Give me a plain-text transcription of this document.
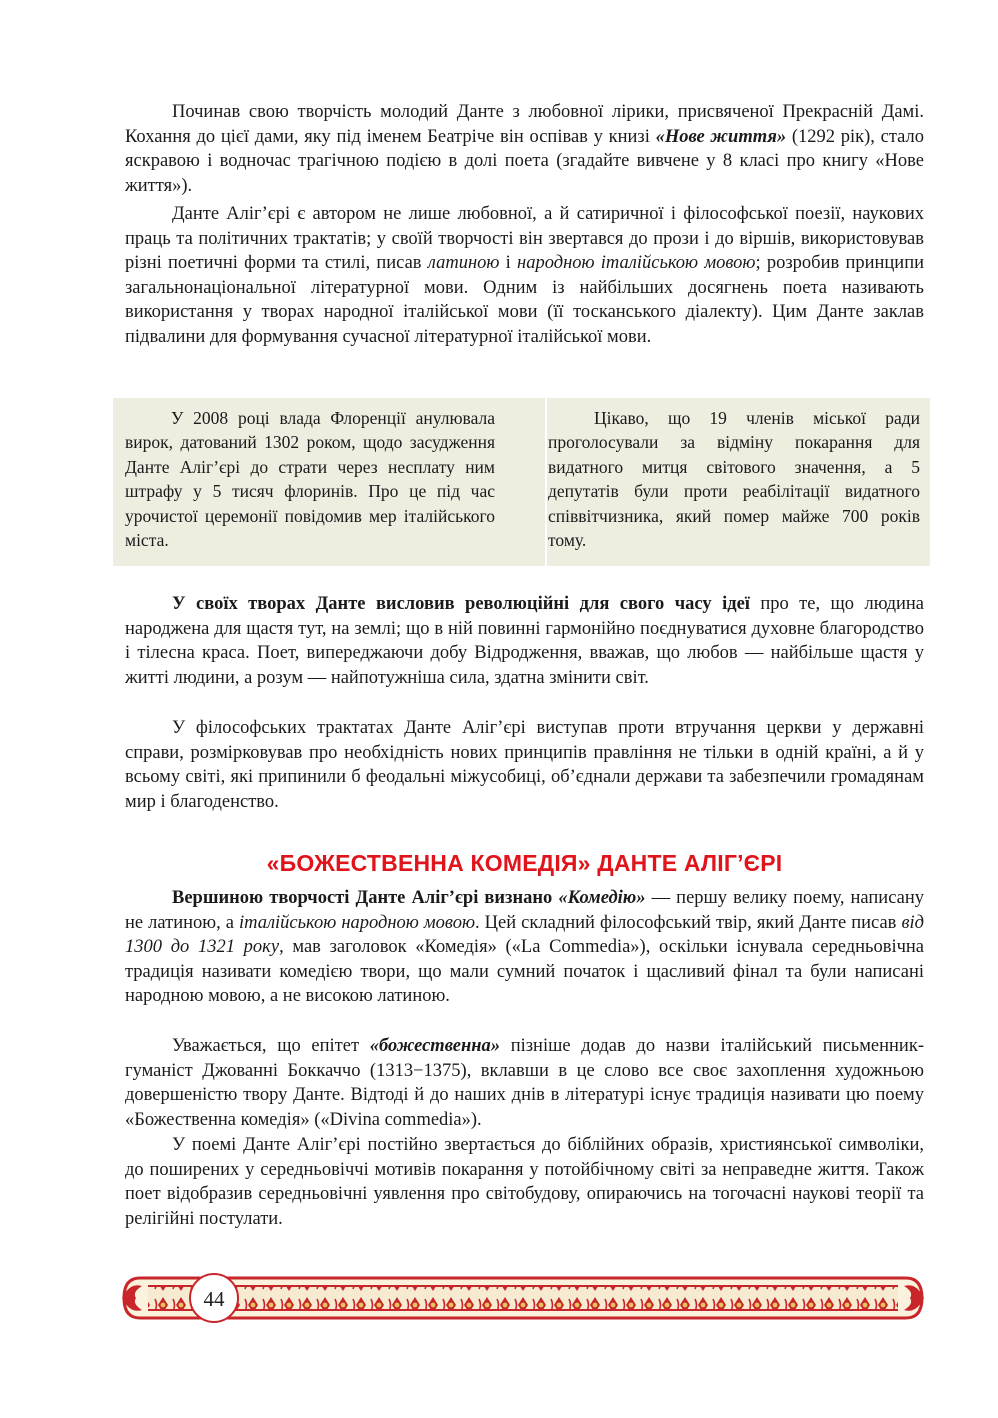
Починав свою творчість молодий Данте з любовної лірики, присвяченої Прекрасній Дамі. Кохання до цієї дами, яку під іменем Беатріче він оспівав у книзі «Нове життя» (1292 рік), стало яскравою і водночас трагічною подією в долі поета (згадайте вивчене у 8 класі про книгу «Нове життя»).

Данте Аліг’єрі є автором не лише любовної, а й сатиричної і філософської поезії, наукових праць та політичних трактатів; у своїй творчості він звертався до прози і до віршів, використовував різні поетичні форми та стилі, писав латиною і народною італійською мовою; розробив принципи загальнонаціональної літературної мови. Одним із найбільших досягнень поета називають використання у творах народної італійської мови (її тосканського діалекту). Цим Данте заклав підвалини для формування сучасної літературної італійської мови.

У 2008 році влада Флоренції анулювала вирок, датований 1302 роком, щодо засудження Данте Аліг’єрі до страти через несплату ним штрафу у 5 тисяч флоринів. Про це під час урочистої церемонії повідомив мер італійського міста.

Цікаво, що 19 членів міської ради проголосували за відміну покарання для видатного митця світового значення, а 5 депутатів були проти реабілітації видатного співвітчизника, який помер майже 700 років тому.

У своїх творах Данте висловив революційні для свого часу ідеї про те, що людина народжена для щастя тут, на землі; що в ній повинні гармонійно поєднуватися духовне благородство і тілесна краса. Поет, випереджаючи добу Відродження, вважав, що любов — найбільше щастя у житті людини, а розум — найпотужніша сила, здатна змінити світ.

У філософських трактатах Данте Аліг’єрі виступав проти втручання церкви у державні справи, розмірковував про необхідність нових принципів правління не тільки в одній країні, а й у всьому світі, які припинили б феодальні міжусобиці, об’єднали держави та забезпечили громадянам мир і благоденство.

«БОЖЕСТВЕННА КОМЕДІЯ» ДАНТЕ АЛІГ’ЄРІ

Вершиною творчості Данте Аліг’єрі визнано «Комедію» — першу велику поему, написану не латиною, а італійською народною мовою. Цей складний філософський твір, який Данте писав від 1300 до 1321 року, мав заголовок «Комедія» («La Commedia»), оскільки існувала середньовічна традиція називати комедією твори, що мали сумний початок і щасливий фінал та були написані народною мовою, а не високою латиною.

Уважається, що епітет «божественна» пізніше додав до назви італійський письменник-гуманіст Джованні Боккаччо (1313−1375), вклавши в це слово все своє захоплення художньою довершеністю твору Данте. Відтоді й до наших днів в літературі існує традиція називати цю поему «Божественна комедія» («Divina commedia»).

У поемі Данте Аліг’єрі постійно звертається до біблійних образів, християнської символіки, до поширених у середньовіччі мотивів покарання у потойбічному світі за неправедне життя. Також поет відобразив середньовічні уявлення про світобудову, опираючись на тогочасні наукові теорії та релігійні постулати.

44
